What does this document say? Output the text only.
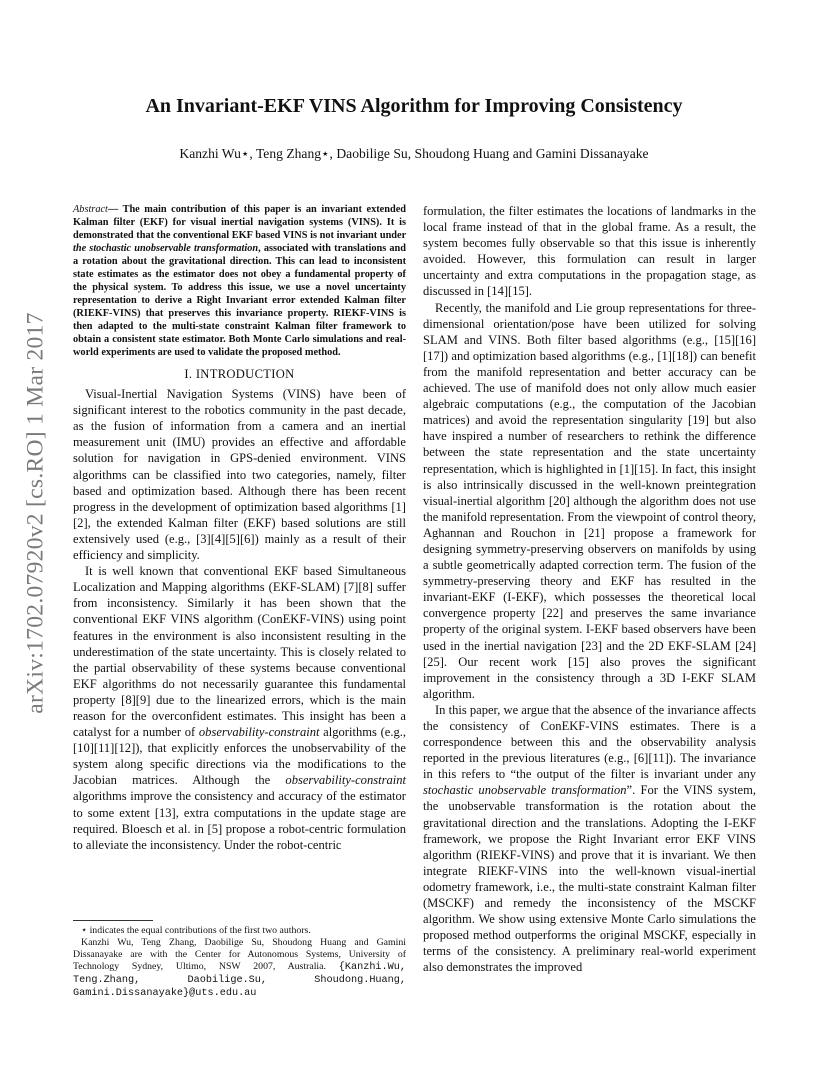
An Invariant-EKF VINS Algorithm for Improving Consistency
Kanzhi Wu⋆, Teng Zhang⋆, Daobilige Su, Shoudong Huang and Gamini Dissanayake
arXiv:1702.07920v2 [cs.RO] 1 Mar 2017

Abstract— The main contribution of this paper is an invariant extended Kalman filter (EKF) for visual inertial navigation systems (VINS). It is demonstrated that the conventional EKF based VINS is not invariant under the stochastic unobservable transformation, associated with translations and a rotation about the gravitational direction. This can lead to inconsistent state estimates as the estimator does not obey a fundamental property of the physical system. To address this issue, we use a novel uncertainty representation to derive a Right Invariant error extended Kalman filter (RIEKF-VINS) that preserves this invariance property. RIEKF-VINS is then adapted to the multi-state constraint Kalman filter framework to obtain a consistent state estimator. Both Monte Carlo simulations and real-world experiments are used to validate the proposed method.

I. INTRODUCTION

Visual-Inertial Navigation Systems (VINS) have been of significant interest to the robotics community in the past decade, as the fusion of information from a camera and an inertial measurement unit (IMU) provides an effective and affordable solution for navigation in GPS-denied environment. VINS algorithms can be classified into two categories, namely, filter based and optimization based. Although there has been recent progress in the development of optimization based algorithms [1][2], the extended Kalman filter (EKF) based solutions are still extensively used (e.g., [3][4][5][6]) mainly as a result of their efficiency and simplicity.

It is well known that conventional EKF based Simultaneous Localization and Mapping algorithms (EKF-SLAM) [7][8] suffer from inconsistency. Similarly it has been shown that the conventional EKF VINS algorithm (ConEKF-VINS) using point features in the environment is also inconsistent resulting in the underestimation of the state uncertainty. This is closely related to the partial observability of these systems because conventional EKF algorithms do not necessarily guarantee this fundamental property [8][9] due to the linearized errors, which is the main reason for the overconfident estimates. This insight has been a catalyst for a number of observability-constraint algorithms (e.g., [10][11][12]), that explicitly enforces the unobservability of the system along specific directions via the modifications to the Jacobian matrices. Although the observability-constraint algorithms improve the consistency and accuracy of the estimator to some extent [13], extra computations in the update stage are required. Bloesch et al. in [5] propose a robot-centric formulation to alleviate the inconsistency. Under the robot-centric

⋆ indicates the equal contributions of the first two authors.
Kanzhi Wu, Teng Zhang, Daobilige Su, Shoudong Huang and Gamini Dissanayake are with the Center for Autonomous Systems, University of Technology Sydney, Ultimo, NSW 2007, Australia. {Kanzhi.Wu, Teng.Zhang, Daobilige.Su, Shoudong.Huang, Gamini.Dissanayake}@uts.edu.au

formulation, the filter estimates the locations of landmarks in the local frame instead of that in the global frame. As a result, the system becomes fully observable so that this issue is inherently avoided. However, this formulation can result in larger uncertainty and extra computations in the propagation stage, as discussed in [14][15].

Recently, the manifold and Lie group representations for three-dimensional orientation/pose have been utilized for solving SLAM and VINS. Both filter based algorithms (e.g., [15][16][17]) and optimization based algorithms (e.g., [1][18]) can benefit from the manifold representation and better accuracy can be achieved. The use of manifold does not only allow much easier algebraic computations (e.g., the computation of the Jacobian matrices) and avoid the representation singularity [19] but also have inspired a number of researchers to rethink the difference between the state representation and the state uncertainty representation, which is highlighted in [1][15]. In fact, this insight is also intrinsically discussed in the well-known preintegration visual-inertial algorithm [20] although the algorithm does not use the manifold representation. From the viewpoint of control theory, Aghannan and Rouchon in [21] propose a framework for designing symmetry-preserving observers on manifolds by using a subtle geometrically adapted correction term. The fusion of the symmetry-preserving theory and EKF has resulted in the invariant-EKF (I-EKF), which possesses the theoretical local convergence property [22] and preserves the same invariance property of the original system. I-EKF based observers have been used in the inertial navigation [23] and the 2D EKF-SLAM [24][25]. Our recent work [15] also proves the significant improvement in the consistency through a 3D I-EKF SLAM algorithm.

In this paper, we argue that the absence of the invariance affects the consistency of ConEKF-VINS estimates. There is a correspondence between this and the observability analysis reported in the previous literatures (e.g., [6][11]). The invariance in this refers to “the output of the filter is invariant under any stochastic unobservable transformation”. For the VINS system, the unobservable transformation is the rotation about the gravitational direction and the translations. Adopting the I-EKF framework, we propose the Right Invariant error EKF VINS algorithm (RIEKF-VINS) and prove that it is invariant. We then integrate RIEKF-VINS into the well-known visual-inertial odometry framework, i.e., the multi-state constraint Kalman filter (MSCKF) and remedy the inconsistency of the MSCKF algorithm. We show using extensive Monte Carlo simulations the proposed method outperforms the original MSCKF, especially in terms of the consistency. A preliminary real-world experiment also demonstrates the improved
